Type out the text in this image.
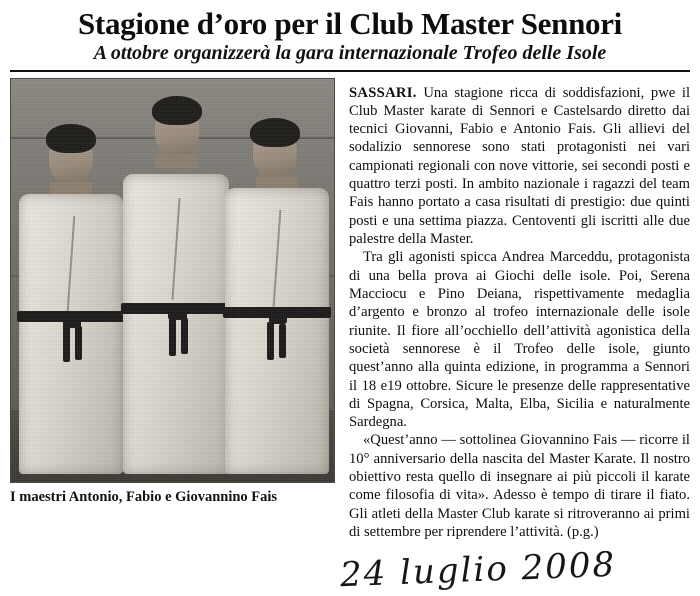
Stagione d’oro per il Club Master Sennori
A ottobre organizzerà la gara internazionale Trofeo delle Isole
I maestri Antonio, Fabio e Giovannino Fais

SASSARI. Una stagione ricca di soddisfazioni, pwe il Club Master karate di Sennori e Castelsardo diretto dai tecnici Giovanni, Fabio e Antonio Fais. Gli allievi del sodalizio sennorese sono stati protagonisti nei vari campionati regionali con nove vittorie, sei secondi posti e quattro terzi posti. In ambito nazionale i ragazzi del team Fais hanno portato a casa risultati di prestigio: due quinti posti e una settima piazza. Centoventi gli iscritti alle due palestre della Master.

Tra gli agonisti spicca Andrea Marceddu, protagonista di una bella prova ai Giochi delle isole. Poi, Serena Macciocu e Pino Deiana, rispettivamente medaglia d’argento e bronzo al trofeo internazionale delle isole riunite. Il fiore all’occhiello dell’attività agonistica della società sennorese è il Trofeo delle isole, giunto quest’anno alla quinta edizione, in programma a Sennori il 18 e19 ottobre. Sicure le presenze delle rappresentative di Spagna, Corsica, Malta, Elba, Sicilia e naturalmente Sardegna.

«Quest’anno — sottolinea Giovannino Fais — ricorre il 10° anniversario della nascita del Master Karate. Il nostro obiettivo resta quello di insegnare ai più piccoli il karate come filosofia di vita». Adesso è tempo di tirare il fiato. Gli atleti della Master Club karate si ritroveranno ai primi di settembre per riprendere l’attività. (p.g.)

24 luglio 2008
